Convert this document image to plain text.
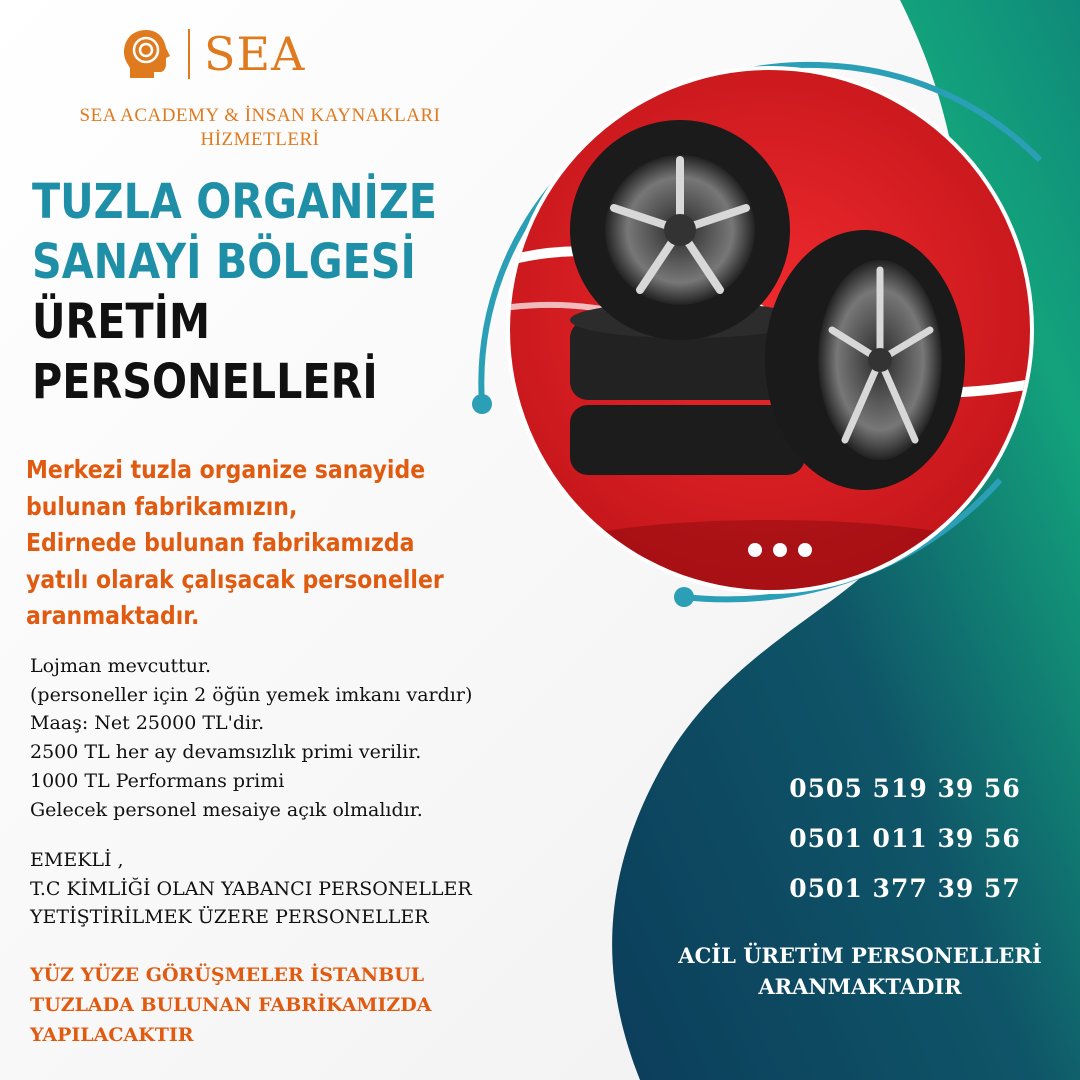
SEA
SEA ACADEMY & İNSAN KAYNAKLARI
HİZMETLERİ
TUZLA ORGANİZE
SANAYİ BÖLGESİ
ÜRETİM
PERSONELLERİ
Merkezi tuzla organize sanayide
bulunan fabrikamızın,
Edirnede bulunan fabrikamızda
yatılı olarak çalışacak personeller
aranmaktadır.
Lojman mevcuttur.
(personeller için 2 öğün yemek imkanı vardır)
Maaş: Net 25000 TL'dir.
2500 TL her ay devamsızlık primi verilir.
1000 TL Performans primi
Gelecek personel mesaiye açık olmalıdır.
EMEKLİ ,
T.C KİMLİĞİ OLAN YABANCI PERSONELLER
YETİŞTİRİLMEK ÜZERE PERSONELLER
YÜZ YÜZE GÖRÜŞMELER İSTANBUL
TUZLADA BULUNAN FABRİKAMIZDA
YAPILACAKTIR
0505 519 39 56
0501 011 39 56
0501 377 39 57
ACİL ÜRETİM PERSONELLERİ
ARANMAKTADIR
